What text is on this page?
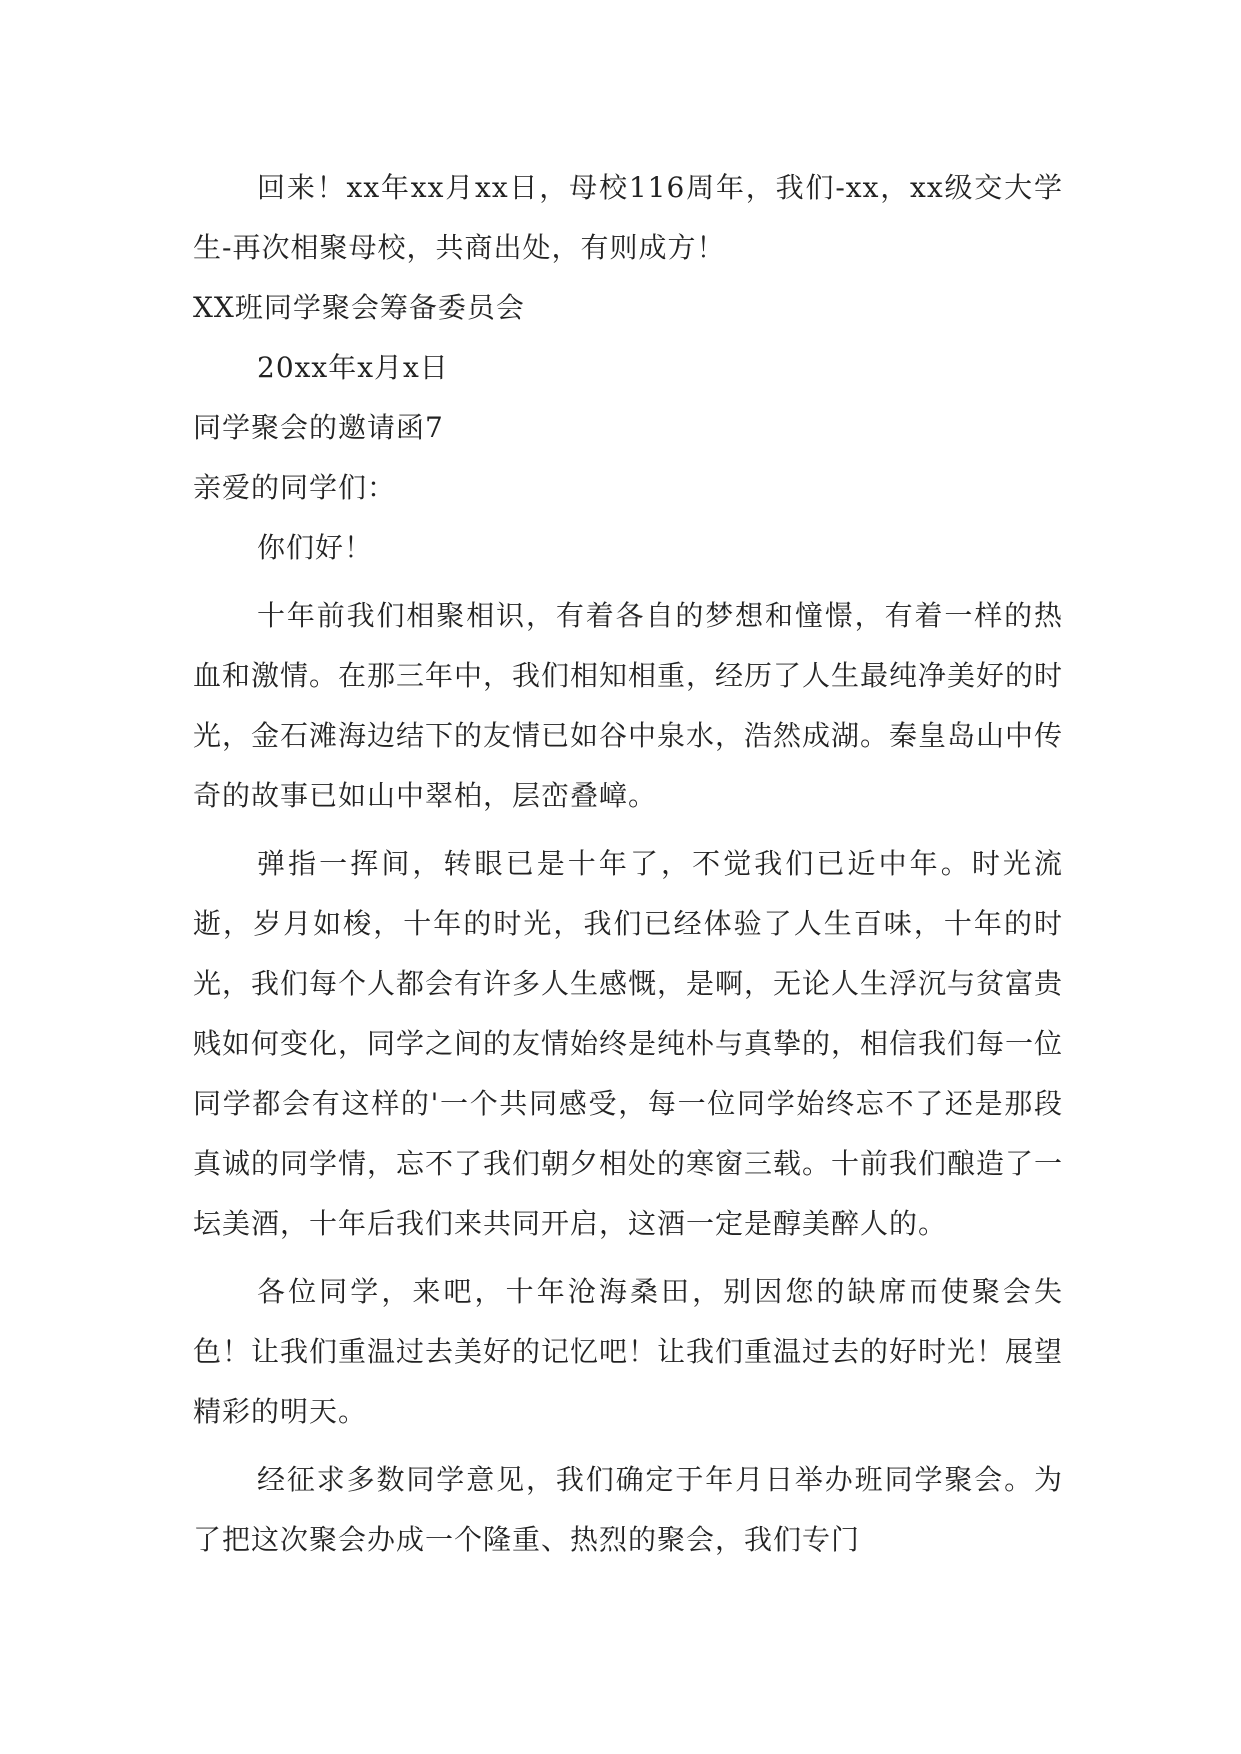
回来！xx年xx月xx日，母校116周年，我们-xx，xx级交大学生-再次相聚母校，共商出处，有则成方！

XX班同学聚会筹备委员会

20xx年x月x日

同学聚会的邀请函7

亲爱的同学们：

你们好！

十年前我们相聚相识，有着各自的梦想和憧憬，有着一样的热血和激情。在那三年中，我们相知相重，经历了人生最纯净美好的时光，金石滩海边结下的友情已如谷中泉水，浩然成湖。秦皇岛山中传奇的故事已如山中翠柏，层峦叠嶂。

弹指一挥间，转眼已是十年了，不觉我们已近中年。时光流逝，岁月如梭，十年的时光，我们已经体验了人生百味，十年的时光，我们每个人都会有许多人生感慨，是啊，无论人生浮沉与贫富贵贱如何变化，同学之间的友情始终是纯朴与真挚的，相信我们每一位同学都会有这样的'一个共同感受，每一位同学始终忘不了还是那段真诚的同学情，忘不了我们朝夕相处的寒窗三载。十前我们酿造了一坛美酒，十年后我们来共同开启，这酒一定是醇美醉人的。

各位同学，来吧，十年沧海桑田，别因您的缺席而使聚会失色！让我们重温过去美好的记忆吧！让我们重温过去的好时光！展望精彩的明天。

经征求多数同学意见，我们确定于年月日举办班同学聚会。为了把这次聚会办成一个隆重、热烈的聚会，我们专门
